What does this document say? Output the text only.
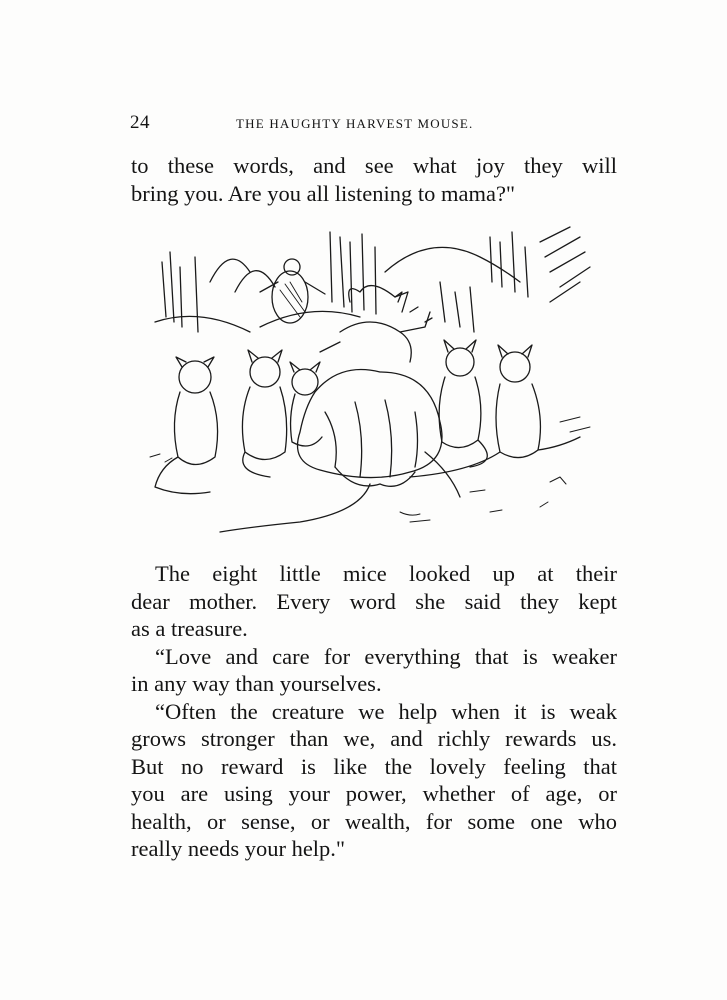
24	THE HAUGHTY HARVEST MOUSE.

to these words, and see what joy they will
bring you. Are you all listening to mama?"

The eight little mice looked up at their
dear mother. Every word she said they kept
as a treasure.

“Love and care for everything that is weaker
in any way than yourselves.

“Often the creature we help when it is weak
grows stronger than we, and richly rewards us.
But no reward is like the lovely feeling that
you are using your power, whether of age, or
health, or sense, or wealth, for some one who
really needs your help."
